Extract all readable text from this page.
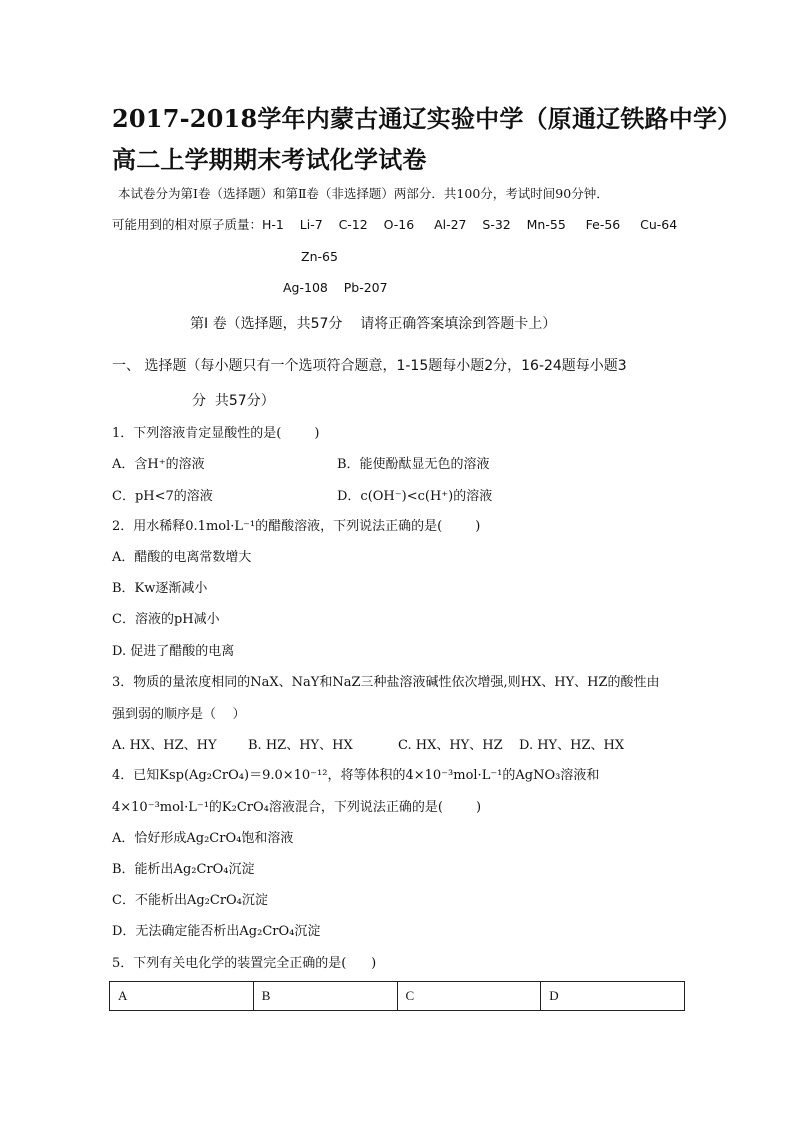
2017-2018学年内蒙古通辽实验中学（原通辽铁路中学）
高二上学期期末考试化学试卷
本试卷分为第Ⅰ卷（选择题）和第Ⅱ卷（非选择题）两部分．共100分，考试时间90分钟．
可能用到的相对原子质量：H-1    Li-7    C-12    O-16     Al-27    S-32    Mn-55     Fe-56     Cu-64
Zn-65
Ag-108    Pb-207
第Ⅰ 卷（选择题，共57分    请将正确答案填涂到答题卡上）
一、 选择题（每小题只有一个选项符合题意，1-15题每小题2分，16-24题每小题3
分  共57分）
1．下列溶液肯定显酸性的是(        )
A．含H⁺的溶液	B．能使酚酞显无色的溶液
C．pH<7的溶液	D．c(OH⁻)<c(H⁺)的溶液
2．用水稀释0.1mol·L⁻¹的醋酸溶液，下列说法正确的是(        )
A．醋酸的电离常数增大
B．Kw逐渐减小
C．溶液的pH减小
D. 促进了醋酸的电离
3．物质的量浓度相同的NaX、NaY和NaZ三种盐溶液碱性依次增强,则HX、HY、HZ的酸性由
强到弱的顺序是（    ）
A. HX、HZ、HY B. HZ、HY、HX	C. HX、HY、HZ D. HY、HZ、HX
4．已知Ksp(Ag₂CrO₄)＝9.0×10⁻¹²，将等体积的4×10⁻³mol·L⁻¹的AgNO₃溶液和
4×10⁻³mol·L⁻¹的K₂CrO₄溶液混合，下列说法正确的是(        )
A．恰好形成Ag₂CrO₄饱和溶液
B．能析出Ag₂CrO₄沉淀
C．不能析出Ag₂CrO₄沉淀
D．无法确定能否析出Ag₂CrO₄沉淀
5．下列有关电化学的装置完全正确的是(      )
A	B	C	D
